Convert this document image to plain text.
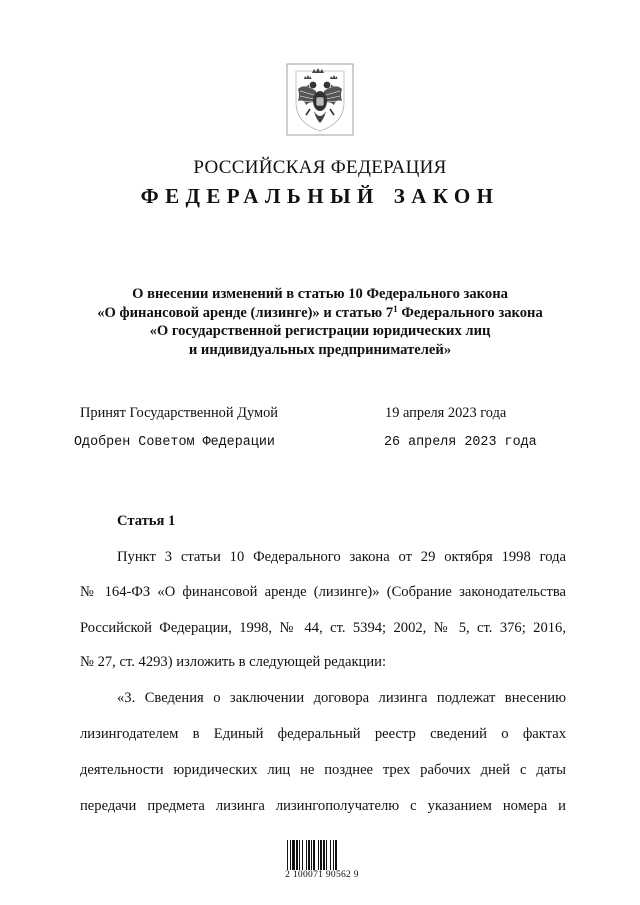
РОССИЙСКАЯ ФЕДЕРАЦИЯ
ФЕДЕРАЛЬНЫЙ ЗАКОН
О внесении изменений в статью 10 Федерального закона
«О финансовой аренде (лизинге)» и статью $7^1$ Федерального закона
«О государственной регистрации юридических лиц
и индивидуальных предпринимателей»
Принят Государственной Думой	19 апреля 2023 года
Одобрен Советом Федерации	26 апреля 2023 года
Статья 1
Пункт 3 статьи 10 Федерального закона от 29 октября 1998 года
№ 164-ФЗ «О финансовой аренде (лизинге)» (Собрание законодательства
Российской Федерации, 1998, № 44, ст. 5394; 2002, № 5, ст. 376; 2016,
№ 27, ст. 4293) изложить в следующей редакции:
«3. Сведения о заключении договора лизинга подлежат внесению
лизингодателем в Единый федеральный реестр сведений о фактах
деятельности юридических лиц не позднее трех рабочих дней с даты
передачи предмета лизинга лизингополучателю с указанием номера и
2 100071 90562 9
